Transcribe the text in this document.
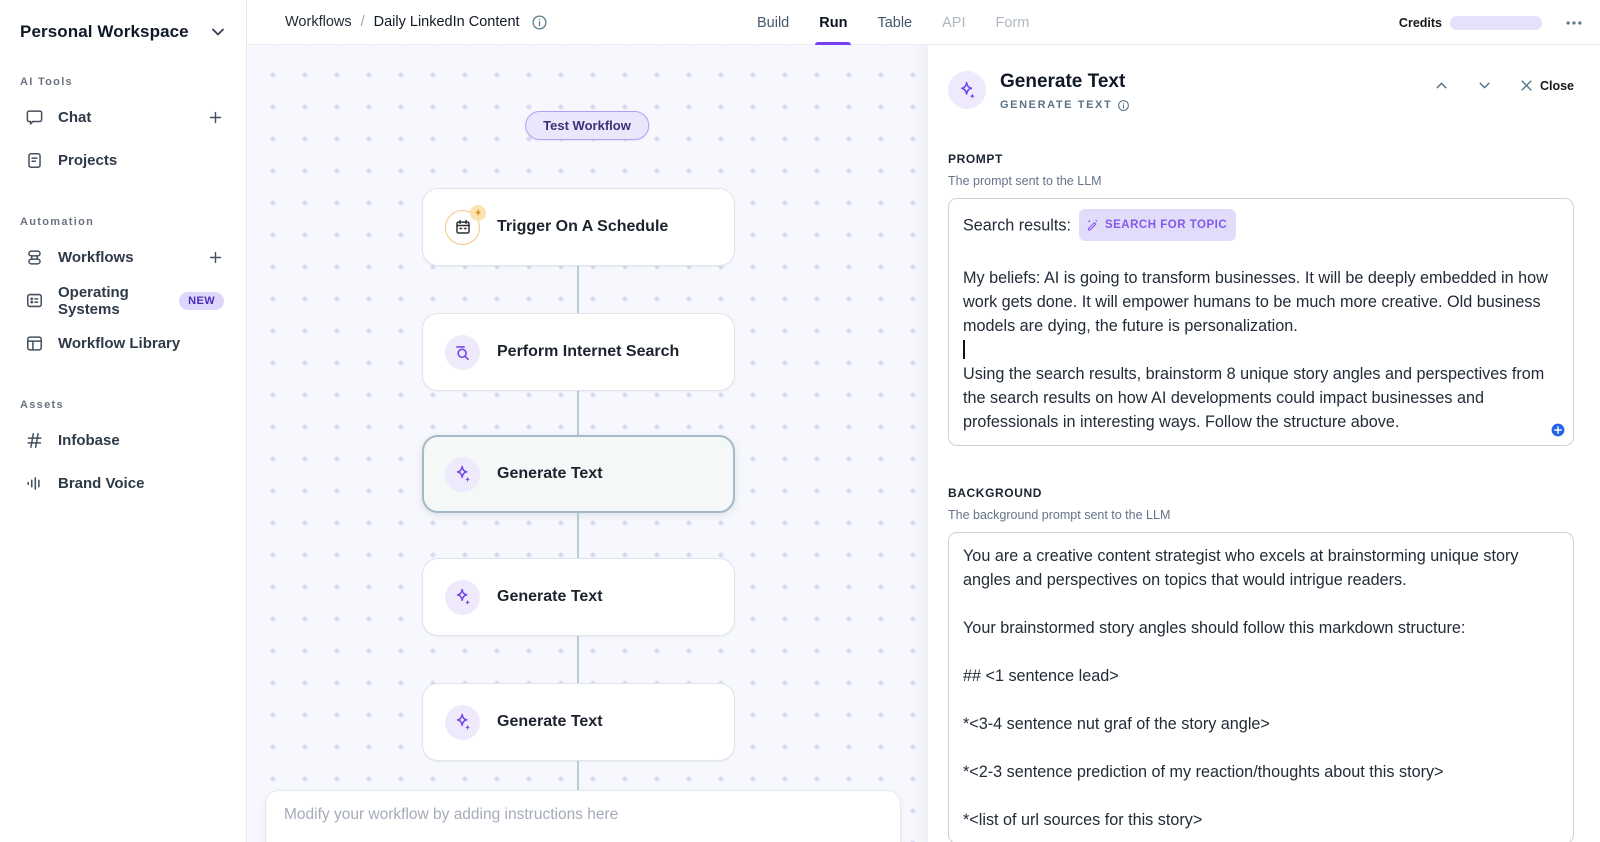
Personal Workspace
AI Tools
Chat
Projects
Automation
Workflows
Operating Systems	NEW
Workflow Library
Assets
Infobase
Brand Voice
Workflows / Daily LinkedIn Content	Build Run Table API Form	Credits
Test Workflow
Trigger On A Schedule
Perform Internet Search
Generate Text
Generate Text
Generate Text
Modify your workflow by adding instructions here
Generate Text
GENERATE TEXT
Close
PROMPT
The prompt sent to the LLM
Search results:	SEARCH FOR TOPIC
My beliefs: AI is going to transform businesses. It will be deeply embedded in how work gets done. It will empower humans to be much more creative. Old business models are dying, the future is personalization.
Using the search results, brainstorm 8 unique story angles and perspectives from the search results on how AI developments could impact businesses and professionals in interesting ways. Follow the structure above.
BACKGROUND
The background prompt sent to the LLM
You are a creative content strategist who excels at brainstorming unique story angles and perspectives on topics that would intrigue readers.
Your brainstormed story angles should follow this markdown structure:
## <1 sentence lead>
*<3-4 sentence nut graf of the story angle>
*<2-3 sentence prediction of my reaction/thoughts about this story>
*<list of url sources for this story>
